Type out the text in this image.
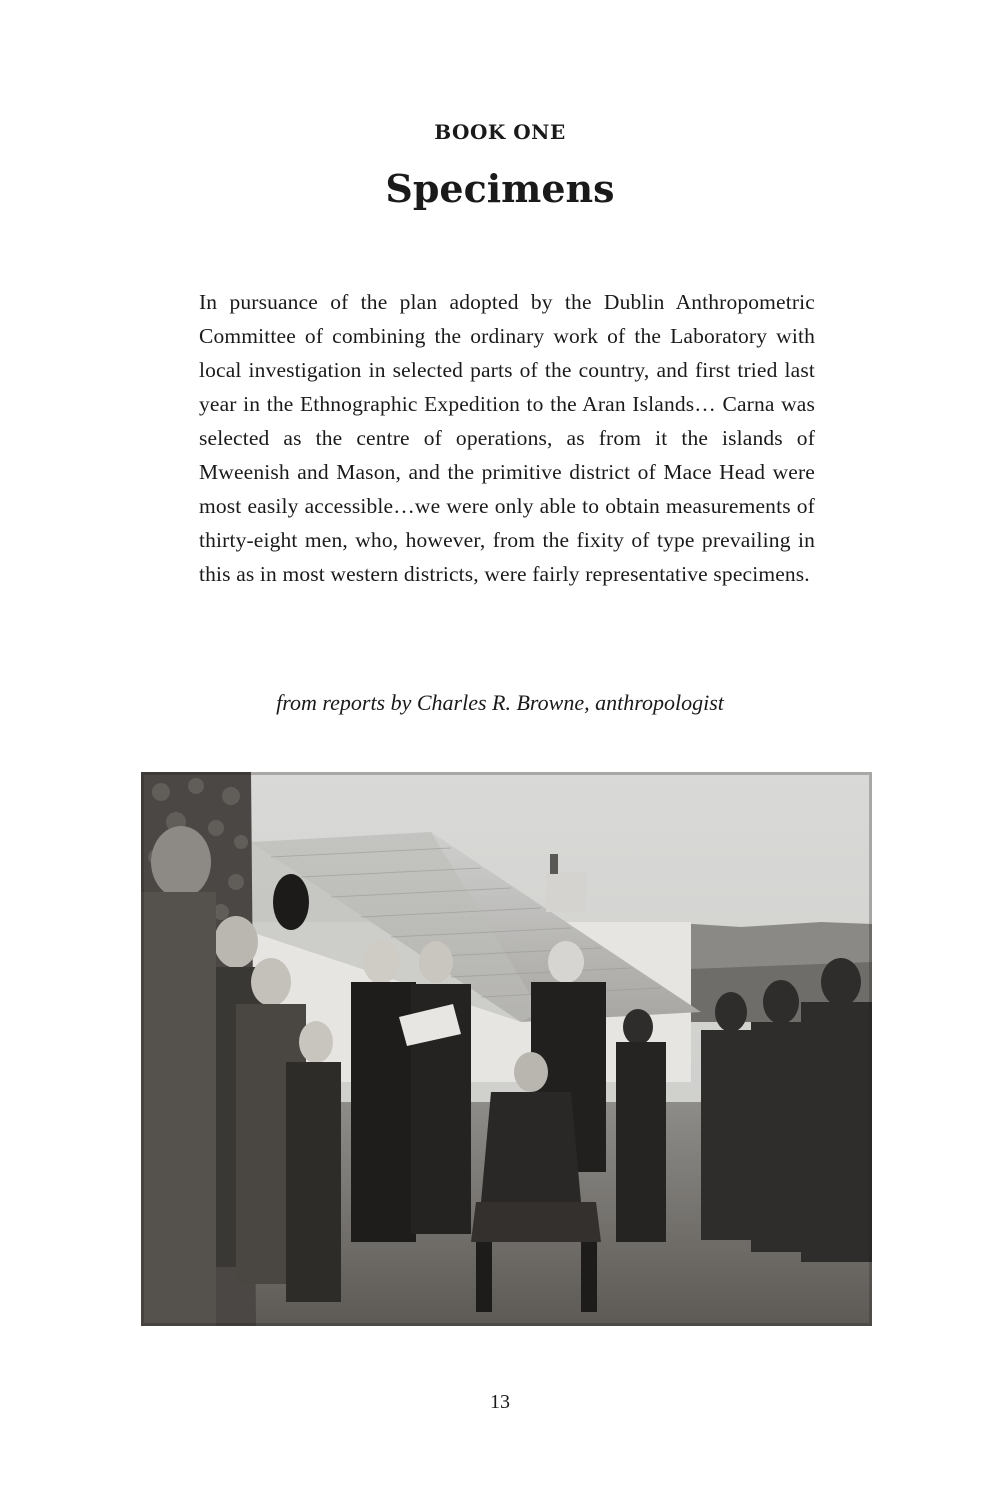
BOOK ONE
Specimens

In pursuance of the plan adopted by the Dublin Anthropometric Committee of combining the ordinary work of the Laboratory with local investigation in selected parts of the country, and first tried last year in the Ethnographic Expedition to the Aran Islands… Carna was selected as the centre of operations, as from it the islands of Mweenish and Mason, and the primitive district of Mace Head were most easily accessible…we were only able to obtain measurements of thirty-eight men, who, however, from the fixity of type prevailing in this as in most western districts, were fairly representative specimens.

from reports by Charles R. Browne, anthropologist

13
